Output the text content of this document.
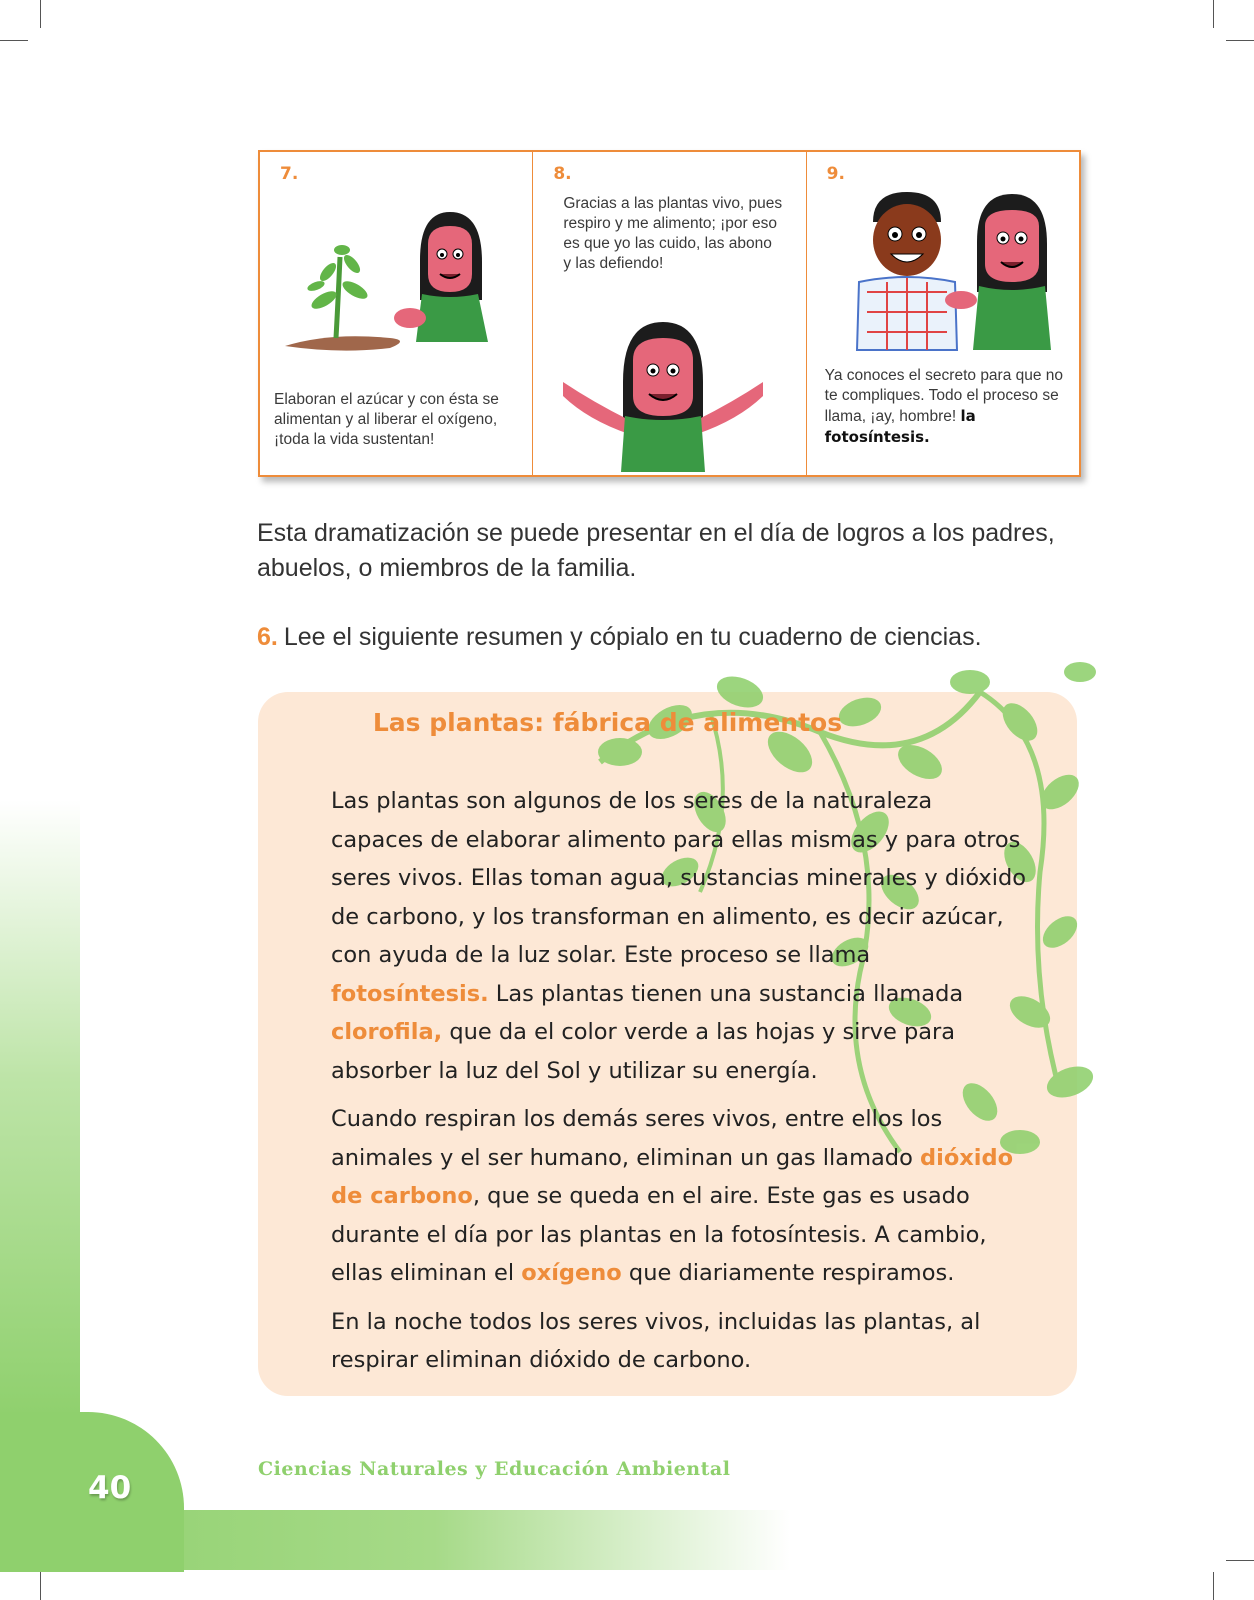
40
Ciencias Naturales y Educación Ambiental
7.
Elaboran el azúcar y con ésta se alimentan y al liberar el oxígeno, ¡toda la vida sustentan!
8.
Gracias a las plantas vivo, pues respiro y me alimento; ¡por eso es que yo las cuido, las abono y las defiendo!
9.
Ya conoces el secreto para que no te compliques. Todo el proceso se llama, ¡ay, hombre! la fotosíntesis.
Esta dramatización se puede presentar en el día de logros a los padres, abuelos, o miembros de la familia.
6. Lee el siguiente resumen y cópialo en tu cuaderno de ciencias.
Las plantas: fábrica de alimentos

Las plantas son algunos de los seres de la naturaleza capaces de elaborar alimento para ellas mismas y para otros seres vivos. Ellas toman agua, sustancias minerales y dióxido de carbono, y los transforman en alimento, es decir azúcar, con ayuda de la luz solar. Este proceso se llama fotosíntesis. Las plantas tienen una sustancia llamada clorofila, que da el color verde a las hojas y sirve para absorber la luz del Sol y utilizar su energía.

Cuando respiran los demás seres vivos, entre ellos los animales y el ser humano, eliminan un gas llamado dióxido de carbono, que se queda en el aire. Este gas es usado durante el día por las plantas en la fotosíntesis. A cambio, ellas eliminan el oxígeno que diariamente respiramos.

En la noche todos los seres vivos, incluidas las plantas, al respirar eliminan dióxido de carbono.
